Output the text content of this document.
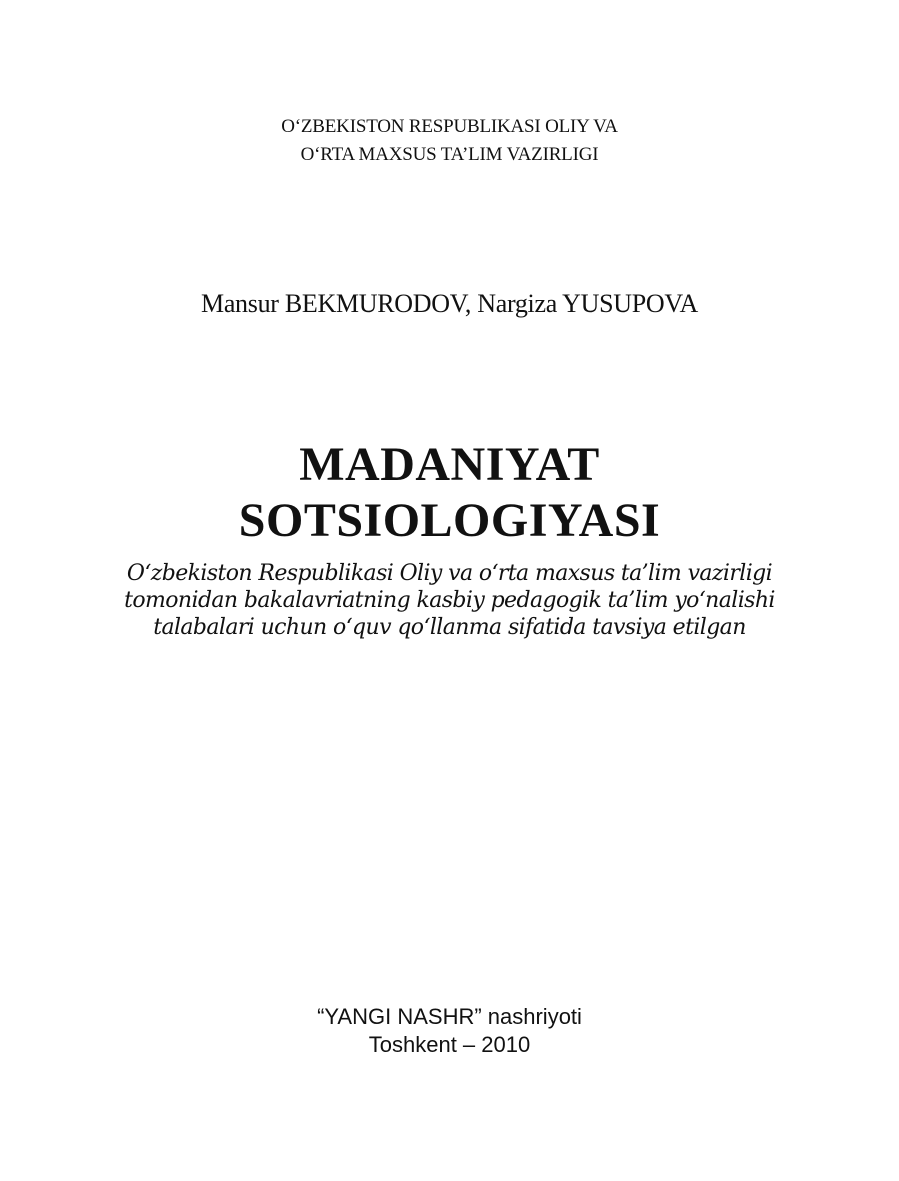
O‘ZBEKISTON RESPUBLIKASI OLIY VA
O‘RTA MAXSUS TA’LIM VAZIRLIGI
Mansur BEKMURODOV, Nargiza YUSUPOVA
MADANIYAT
SOTSIOLOGIYASI
O‘zbekiston Respublikasi Oliy va o‘rta maxsus ta’lim vazirligi
tomonidan bakalavriatning kasbiy pedagogik ta’lim yo‘nalishi
talabalari uchun o‘quv qo‘llanma sifatida tavsiya etilgan
“YANGI NASHR” nashriyoti
Toshkent – 2010
